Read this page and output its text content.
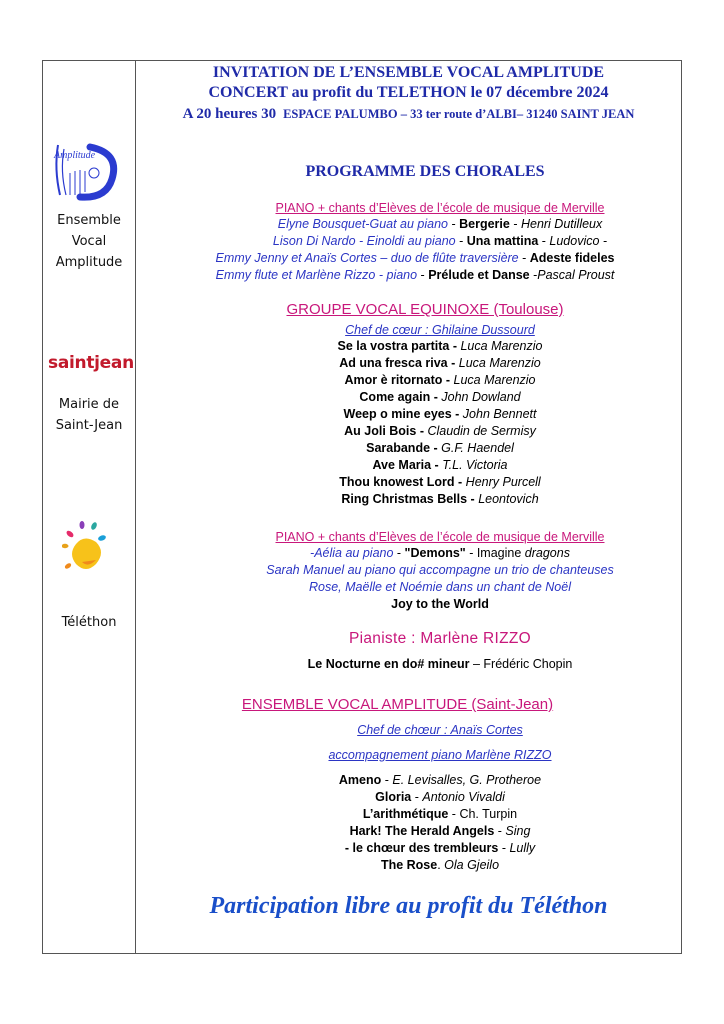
INVITATION DE L’ENSEMBLE VOCAL AMPLITUDE
CONCERT au profit du TELETHON le 07 décembre 2024
A 20 heures 30 ESPACE PALUMBO – 33 ter route d’ALBI– 31240 SAINT JEAN
Amplitude
Ensemble
Vocal
Amplitude
saintjean
Mairie de
Saint-Jean
Téléthon
PROGRAMME DES CHORALES
PIANO + chants d’Elèves de l’école de musique de Merville
Elyne Bousquet-Guat au piano - Bergerie - Henri Dutilleux
Lison Di Nardo - Einoldi au piano - Una mattina - Ludovico -
Emmy Jenny et Anaïs Cortes – duo de flûte traversière - Adeste fideles
Emmy flute et Marlène Rizzo - piano - Prélude et Danse -Pascal Proust
GROUPE VOCAL EQUINOXE (Toulouse)
Chef de cœur : Ghilaine Dussourd
Se la vostra partita - Luca Marenzio
Ad una fresca riva - Luca Marenzio
Amor è ritornato - Luca Marenzio
Come again - John Dowland
Weep o mine eyes - John Bennett
Au Joli Bois - Claudin de Sermisy
Sarabande - G.F. Haendel
Ave Maria - T.L. Victoria
Thou knowest Lord - Henry Purcell
Ring Christmas Bells - Leontovich
PIANO + chants d’Elèves de l’école de musique de Merville
-Aélia au piano - "Demons" - Imagine dragons
Sarah Manuel au piano qui accompagne un trio de chanteuses
Rose, Maëlle et Noémie dans un chant de Noël
Joy to the World
Pianiste : Marlène RIZZO
Le Nocturne en do# mineur – Frédéric Chopin
ENSEMBLE VOCAL AMPLITUDE (Saint-Jean)
Chef de chœur : Anaïs Cortes
accompagnement piano Marlène RIZZO
Ameno - E. Levisalles, G. Protheroe
Gloria - Antonio Vivaldi
L’arithmétique - Ch. Turpin
Hark! The Herald Angels - Sing
- le chœur des trembleurs - Lully
The Rose. Ola Gjeilo
Participation libre au profit du Téléthon
